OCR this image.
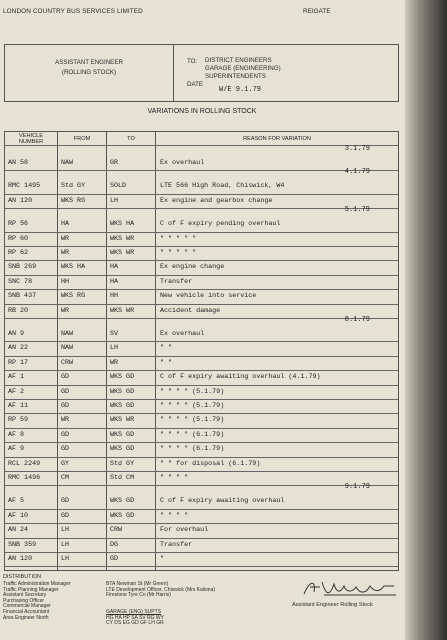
LONDON COUNTRY BUS SERVICES LIMITED	REIGATE
ASSISTANT ENGINEER
(ROLLING STOCK)
TO: DISTRICT ENGINEERS
GARAGE (ENGINEERING)
SUPERINTENDENTS
DATE
W/E 9.1.79
VARIATIONS IN ROLLING STOCK
VEHICLE NUMBER	FROM	TO	REASON FOR VARIATION
3.1.79
AN 58	NAW	GR	Ex overhaul
4.1.79
RMC 1495	Std GY	SOLD	LTE 566 High Road, Chiswick, W4
AN 120	WKS RG	LH	Ex engine and gearbox change
5.1.79
RP 56	HA	WKS HA	C of F expiry pending overhaul
RP 60	WR	WKS WR	" " " " "
RP 62	WR	WKS WR	" " " " "
SNB 269	WKS HA	HA	Ex engine change
SNC 78	HH	HA	Transfer
SNB 437	WKS RG	HH	New vehicle into service
RB 20	WR	WKS WR	Accident damage
8.1.79
AN 9	NAW	SV	Ex overhaul
AN 22	NAW	LH	" "
RP 17	CRW	WR	" "
AF 1	GD	WKS GD	C of F expiry awaiting overhaul (4.1.79)
AF 2	GD	WKS GD	" " " " (5.1.79)
AF 11	GD	WKS GD	" " " " (5.1.79)
RP 59	WR	WKS WR	" " " " (5.1.79)
AF 8	GD	WKS GD	" " " " (6.1.79)
AF 9	GD	WKS GD	" " " " (6.1.79)
RCL 2249	GY	Std GY	" " for disposal (6.1.79)
RMC 1496	CM	Std CM	" " " "
9.1.79
AF 5	GD	WKS GD	C of F expiry awaiting overhaul
AF 10	GD	WKS GD	" " " "
AN 24	LH	CRW	For overhaul
SNB 359	LH	DG	Transfer
AN 120	LH	GD	"
DISTRIBUTION
Traffic Administration Manager
Traffic Planning Manager
Assistant Secretary
Purchasing Officer
Commercial Manager
Financial Accountant
Area Engineer North
BTA Newman St (Mr Green)
LTE Development Officer, Chiswick (Mrs Kaliona)
Firestone Tyre Co (Mr Harris)
GARAGE (ENG) SUPTS
HG HA HP SA SV RG WY
CY DS EG GD GF LH GR
Assistant Engineer Rolling Stock
